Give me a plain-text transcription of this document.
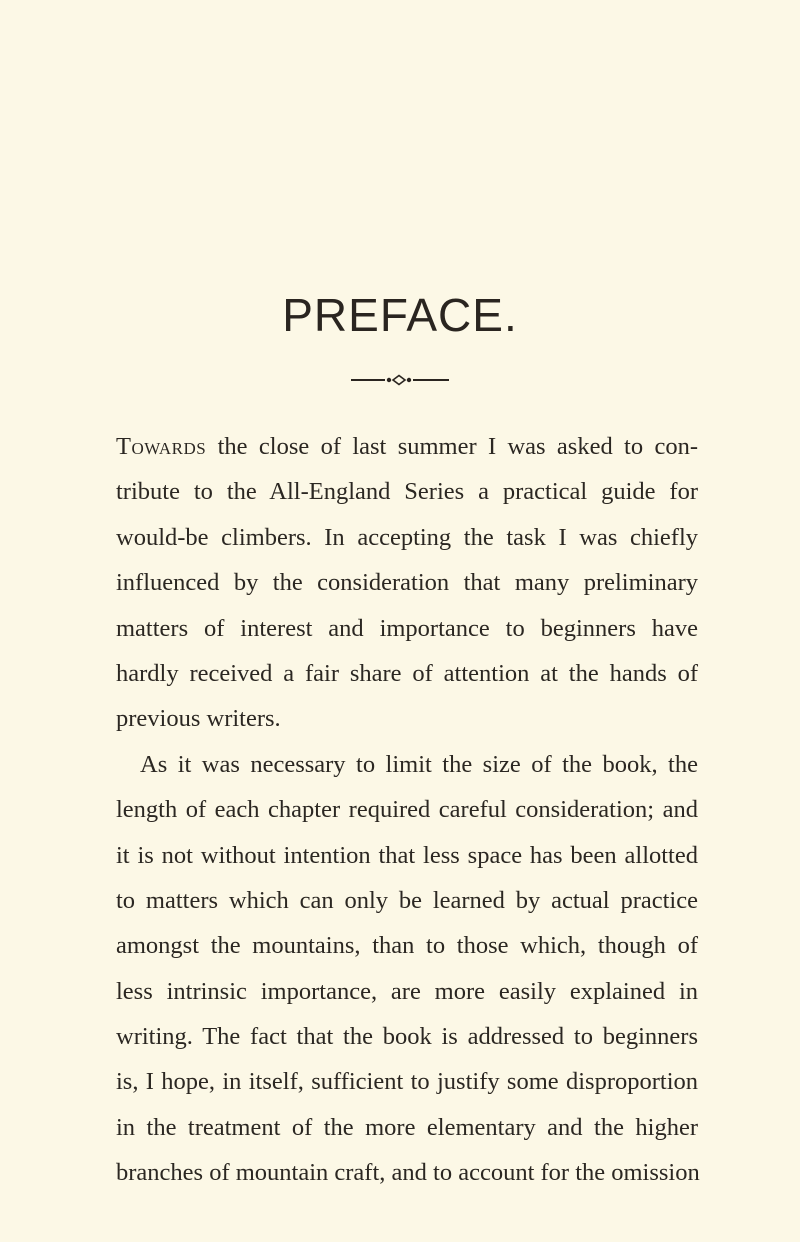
PREFACE.
Towards the close of last summer I was asked to con-
tribute to the All-England Series a practical guide for
would-be climbers. In accepting the task I was chiefly
influenced by the consideration that many preliminary
matters of interest and importance to beginners have
hardly received a fair share of attention at the hands of
previous writers.
As it was necessary to limit the size of the book, the
length of each chapter required careful consideration; and
it is not without intention that less space has been allotted
to matters which can only be learned by actual practice
amongst the mountains, than to those which, though of
less intrinsic importance, are more easily explained in
writing. The fact that the book is addressed to beginners
is, I hope, in itself, sufficient to justify some disproportion
in the treatment of the more elementary and the higher
branches of mountain craft, and to account for the omission
